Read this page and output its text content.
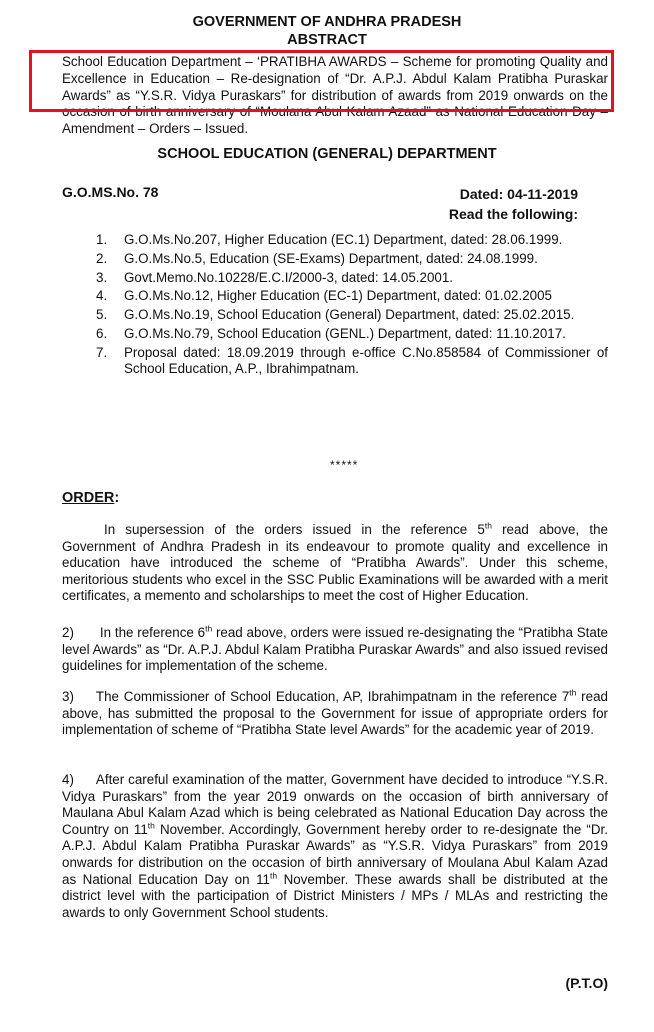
GOVERNMENT OF ANDHRA PRADESH
ABSTRACT
School Education Department – ‘PRATIBHA AWARDS – Scheme for promoting Quality and Excellence in Education – Re-designation of “Dr. A.P.J. Abdul Kalam Pratibha Puraskar Awards” as “Y.S.R. Vidya Puraskars” for distribution of awards from 2019 onwards on the occasion of birth anniversary of “Moulana Abul Kalam Azaad” as National Education Day – Amendment – Orders – Issued.
SCHOOL EDUCATION (GENERAL) DEPARTMENT
G.O.MS.No. 78	Dated: 04-11-2019
Read the following:
1. G.O.Ms.No.207, Higher Education (EC.1) Department, dated: 28.06.1999.
2. G.O.Ms.No.5, Education (SE-Exams) Department, dated: 24.08.1999.
3. Govt.Memo.No.10228/E.C.I/2000-3, dated: 14.05.2001.
4. G.O.Ms.No.12, Higher Education (EC-1) Department, dated: 01.02.2005
5. G.O.Ms.No.19, School Education (General) Department, dated: 25.02.2015.
6. G.O.Ms.No.79, School Education (GENL.) Department, dated: 11.10.2017.
7. Proposal dated: 18.09.2019 through e-office C.No.858584 of Commissioner of School Education, A.P., Ibrahimpatnam.
*****
ORDER:
In supersession of the orders issued in the reference 5th read above, the Government of Andhra Pradesh in its endeavour to promote quality and excellence in education have introduced the scheme of “Pratibha Awards”. Under this scheme, meritorious students who excel in the SSC Public Examinations will be awarded with a merit certificates, a memento and scholarships to meet the cost of Higher Education.
2) In the reference 6th read above, orders were issued re-designating the “Pratibha State level Awards” as “Dr. A.P.J. Abdul Kalam Pratibha Puraskar Awards” and also issued revised guidelines for implementation of the scheme.
3) The Commissioner of School Education, AP, Ibrahimpatnam in the reference 7th read above, has submitted the proposal to the Government for issue of appropriate orders for implementation of scheme of “Pratibha State level Awards” for the academic year of 2019.
4) After careful examination of the matter, Government have decided to introduce “Y.S.R. Vidya Puraskars” from the year 2019 onwards on the occasion of birth anniversary of Maulana Abul Kalam Azad which is being celebrated as National Education Day across the Country on 11th November. Accordingly, Government hereby order to re-designate the “Dr. A.P.J. Abdul Kalam Pratibha Puraskar Awards” as “Y.S.R. Vidya Puraskars” from 2019 onwards for distribution on the occasion of birth anniversary of Moulana Abul Kalam Azad as National Education Day on 11th November. These awards shall be distributed at the district level with the participation of District Ministers / MPs / MLAs and restricting the awards to only Government School students.
(P.T.O)
